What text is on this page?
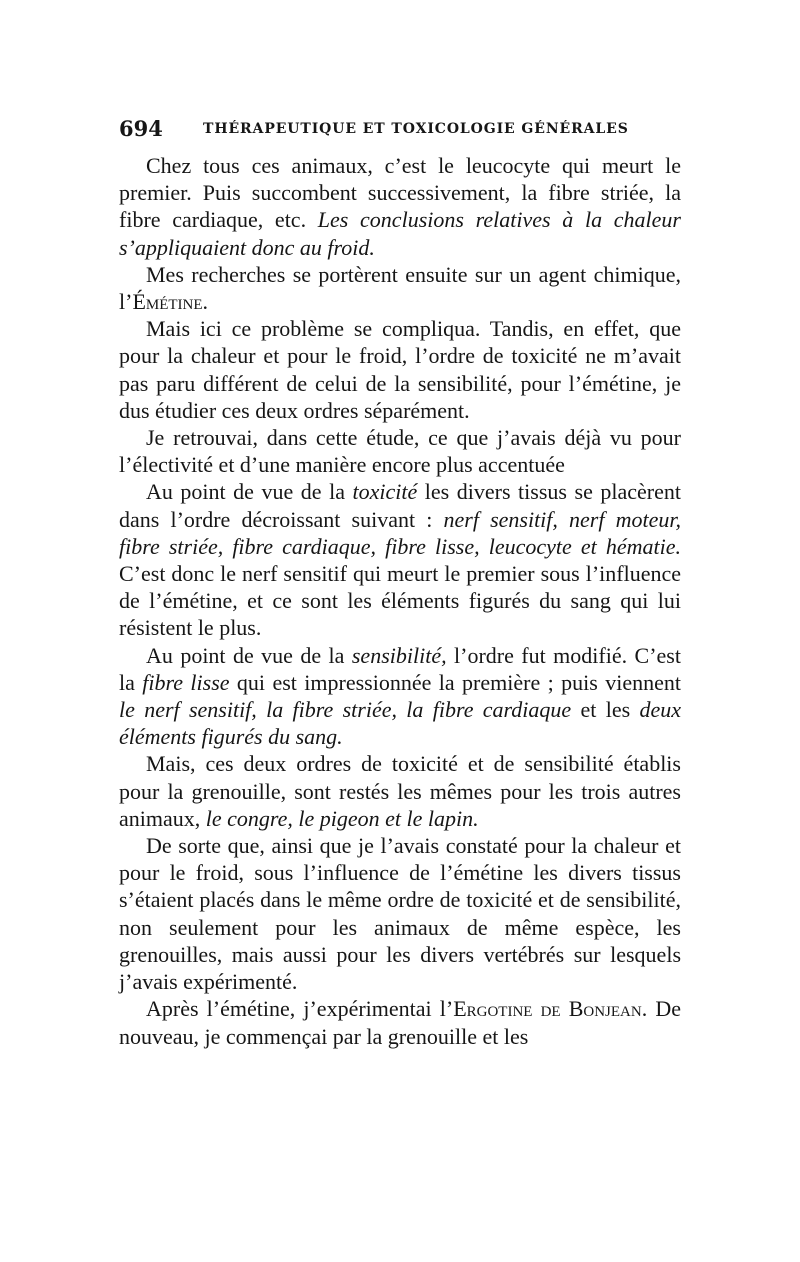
694	THÉRAPEUTIQUE ET TOXICOLOGIE GÉNÉRALES

Chez tous ces animaux, c’est le leucocyte qui meurt le premier. Puis succombent successivement, la fibre striée, la fibre cardiaque, etc. Les conclusions relatives à la chaleur s’appliquaient donc au froid.

Mes recherches se portèrent ensuite sur un agent chimique, l’Émétine.

Mais ici ce problème se compliqua. Tandis, en effet, que pour la chaleur et pour le froid, l’ordre de toxicité ne m’avait pas paru différent de celui de la sensibilité, pour l’émétine, je dus étudier ces deux ordres séparément.

Je retrouvai, dans cette étude, ce que j’avais déjà vu pour l’électivité et d’une manière encore plus accentuée

Au point de vue de la toxicité les divers tissus se placèrent dans l’ordre décroissant suivant : nerf sensitif, nerf moteur, fibre striée, fibre cardiaque, fibre lisse, leucocyte et hématie. C’est donc le nerf sensitif qui meurt le premier sous l’influence de l’émétine, et ce sont les éléments figurés du sang qui lui résistent le plus.

Au point de vue de la sensibilité, l’ordre fut modifié. C’est la fibre lisse qui est impressionnée la première ; puis viennent le nerf sensitif, la fibre striée, la fibre cardiaque et les deux éléments figurés du sang.

Mais, ces deux ordres de toxicité et de sensibilité établis pour la grenouille, sont restés les mêmes pour les trois autres animaux, le congre, le pigeon et le lapin.

De sorte que, ainsi que je l’avais constaté pour la chaleur et pour le froid, sous l’influence de l’émétine les divers tissus s’étaient placés dans le même ordre de toxicité et de sensibilité, non seulement pour les animaux de même espèce, les grenouilles, mais aussi pour les divers vertébrés sur lesquels j’avais expérimenté.

Après l’émétine, j’expérimentai l’Ergotine de Bonjean. De nouveau, je commençai par la grenouille et les
